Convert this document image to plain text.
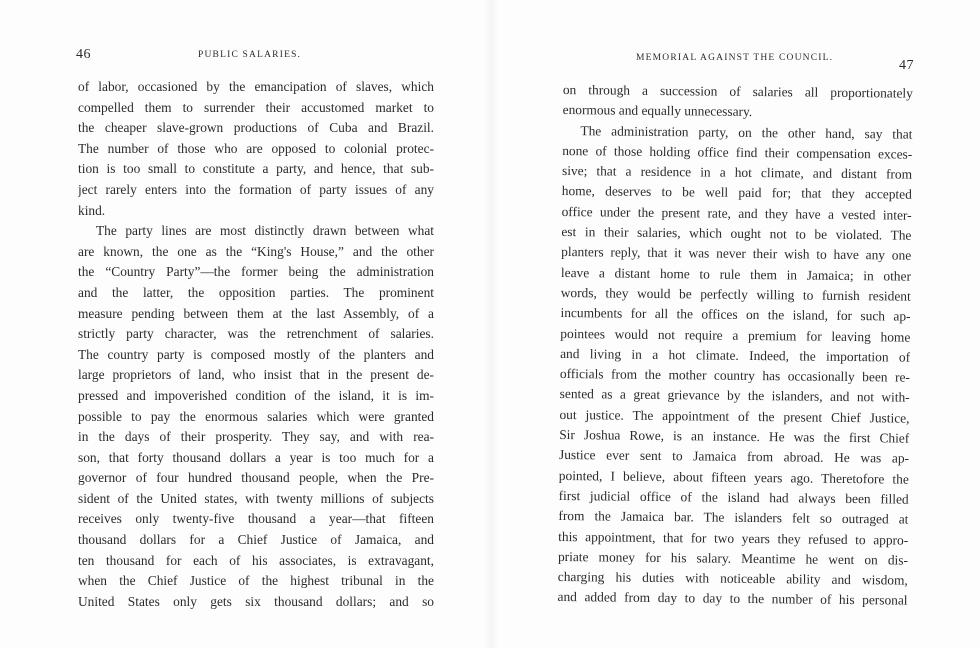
46	PUBLIC SALARIES.
of labor, occasioned by the emancipation of slaves, which
compelled them to surrender their accustomed market to
the cheaper slave-grown productions of Cuba and Brazil.
The number of those who are opposed to colonial protec-
tion is too small to constitute a party, and hence, that sub-
ject rarely enters into the formation of party issues of any
kind.
The party lines are most distinctly drawn between what
are known, the one as the “King's House,” and the other
the “Country Party”—the former being the administration
and the latter, the opposition parties. The prominent
measure pending between them at the last Assembly, of a
strictly party character, was the retrenchment of salaries.
The country party is composed mostly of the planters and
large proprietors of land, who insist that in the present de-
pressed and impoverished condition of the island, it is im-
possible to pay the enormous salaries which were granted
in the days of their prosperity. They say, and with rea-
son, that forty thousand dollars a year is too much for a
governor of four hundred thousand people, when the Pre-
sident of the United states, with twenty millions of subjects
receives only twenty-five thousand a year—that fifteen
thousand dollars for a Chief Justice of Jamaica, and
ten thousand for each of his associates, is extravagant,
when the Chief Justice of the highest tribunal in the
United States only gets six thousand dollars; and so
MEMORIAL AGAINST THE COUNCIL.	47
on through a succession of salaries all proportionately
enormous and equally unnecessary.
The administration party, on the other hand, say that
none of those holding office find their compensation exces-
sive; that a residence in a hot climate, and distant from
home, deserves to be well paid for; that they accepted
office under the present rate, and they have a vested inter-
est in their salaries, which ought not to be violated. The
planters reply, that it was never their wish to have any one
leave a distant home to rule them in Jamaica; in other
words, they would be perfectly willing to furnish resident
incumbents for all the offices on the island, for such ap-
pointees would not require a premium for leaving home
and living in a hot climate. Indeed, the importation of
officials from the mother country has occasionally been re-
sented as a great grievance by the islanders, and not with-
out justice. The appointment of the present Chief Justice,
Sir Joshua Rowe, is an instance. He was the first Chief
Justice ever sent to Jamaica from abroad. He was ap-
pointed, I believe, about fifteen years ago. Theretofore the
first judicial office of the island had always been filled
from the Jamaica bar. The islanders felt so outraged at
this appointment, that for two years they refused to appro-
priate money for his salary. Meantime he went on dis-
charging his duties with noticeable ability and wisdom,
and added from day to day to the number of his personal
